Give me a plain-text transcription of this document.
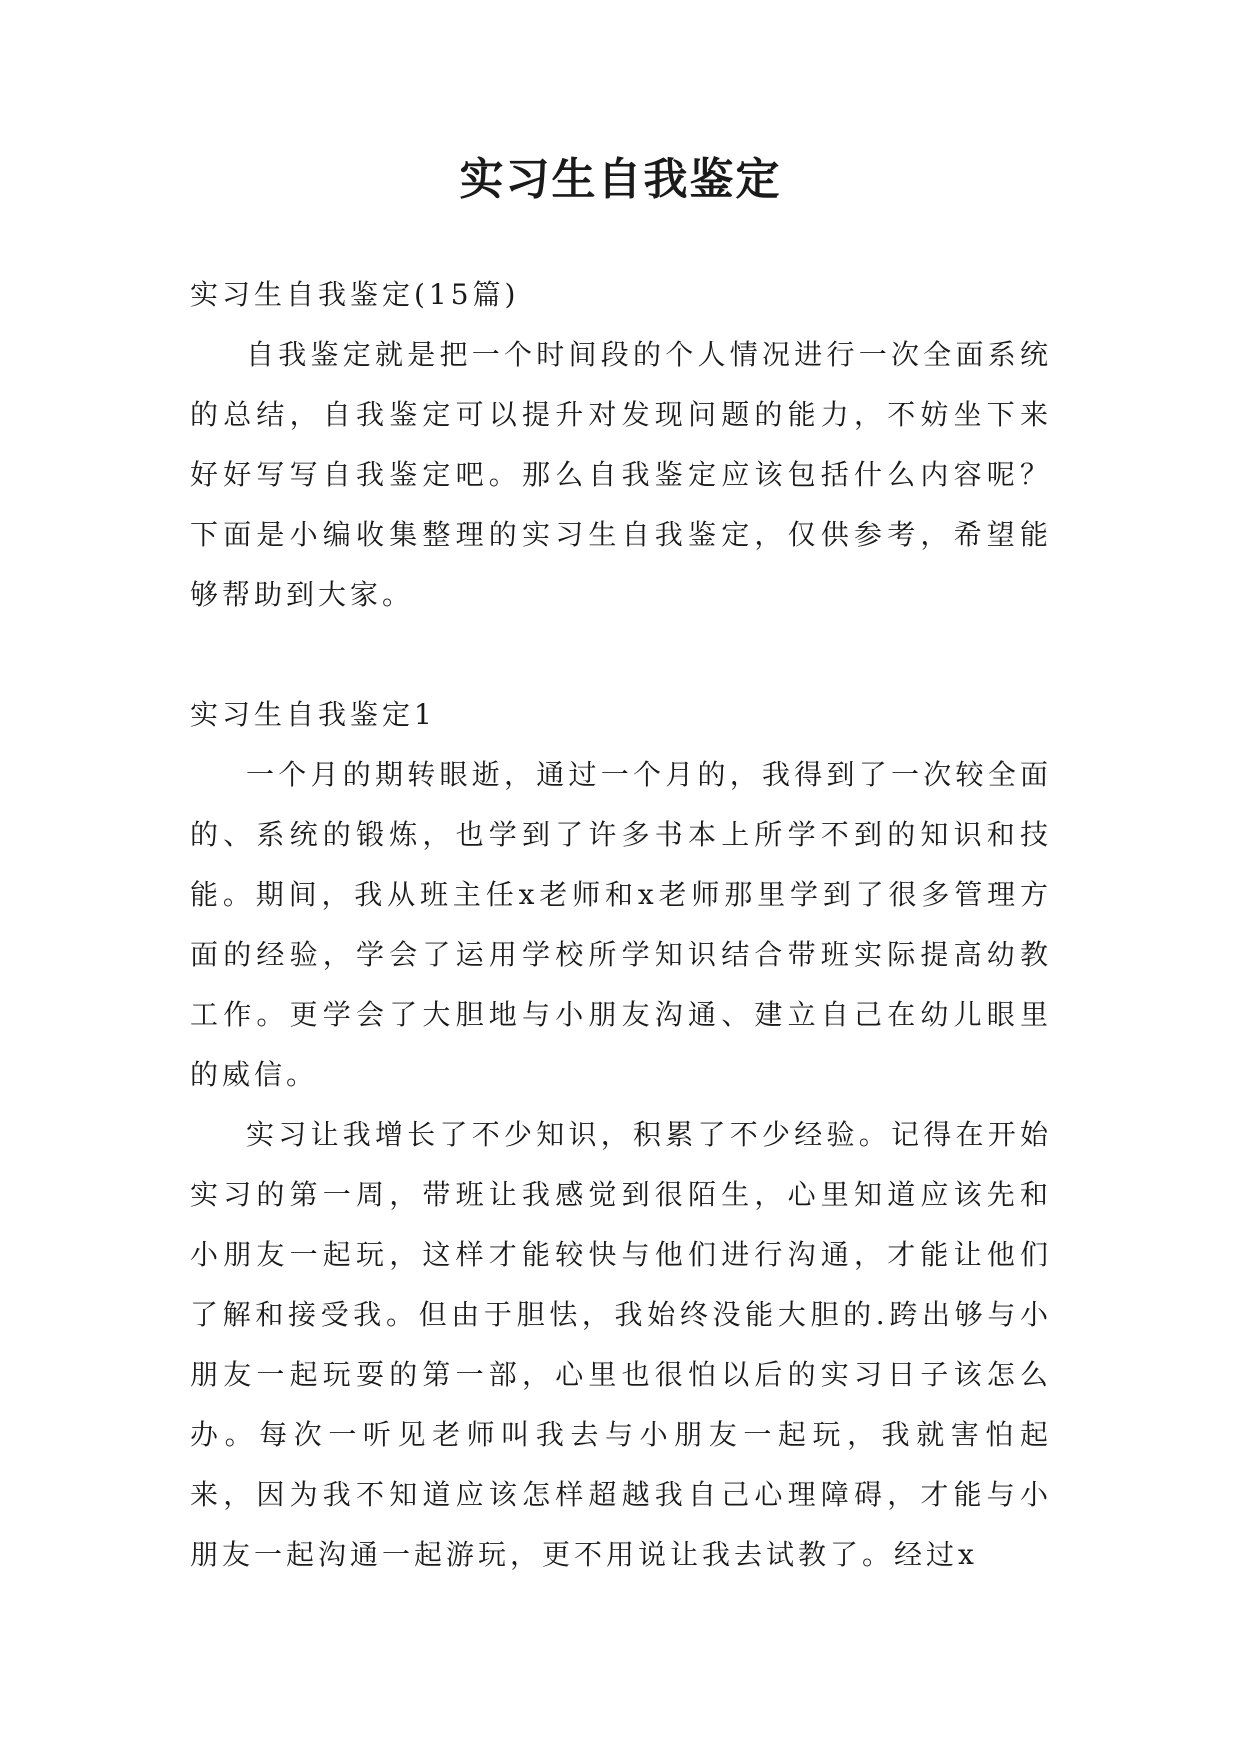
实习生自我鉴定

实习生自我鉴定(15篇)

自我鉴定就是把一个时间段的个人情况进行一次全面系统的总结，自我鉴定可以提升对发现问题的能力，不妨坐下来好好写写自我鉴定吧。那么自我鉴定应该包括什么内容呢？下面是小编收集整理的实习生自我鉴定，仅供参考，希望能够帮助到大家。

实习生自我鉴定1

一个月的期转眼逝，通过一个月的，我得到了一次较全面的、系统的锻炼，也学到了许多书本上所学不到的知识和技能。期间，我从班主任x老师和x老师那里学到了很多管理方面的经验，学会了运用学校所学知识结合带班实际提高幼教工作。更学会了大胆地与小朋友沟通、建立自己在幼儿眼里的威信。

实习让我增长了不少知识，积累了不少经验。记得在开始实习的第一周，带班让我感觉到很陌生，心里知道应该先和小朋友一起玩，这样才能较快与他们进行沟通，才能让他们了解和接受我。但由于胆怯，我始终没能大胆的.跨出够与小朋友一起玩耍的第一部，心里也很怕以后的实习日子该怎么办。每次一听见老师叫我去与小朋友一起玩，我就害怕起来，因为我不知道应该怎样超越我自己心理障碍，才能与小朋友一起沟通一起游玩，更不用说让我去试教了。经过x
